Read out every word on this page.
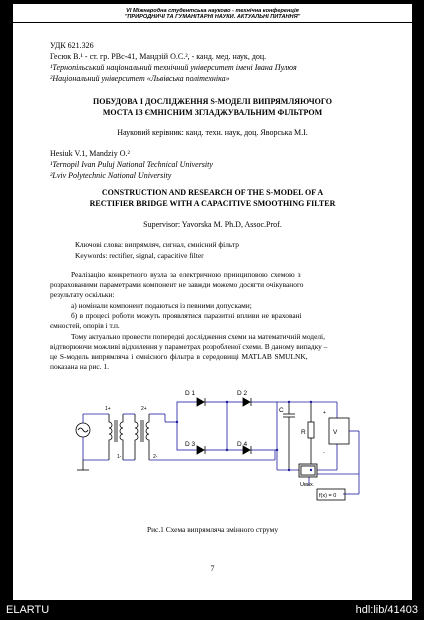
VІ Міжнародна студентська науково - технічна конференція
"ПРИРОДНИЧІ ТА ГУМАНІТАРНІ НАУКИ. АКТУАЛЬНІ ПИТАННЯ"
УДК 621.326
Гесюк В.¹ - ст. гр. РВс-41, Мандзій О.С.², - канд. мед. наук, доц.
¹Тернопільський національний технічний університет імені Івана Пулюя
²Національний університет «Львівська політехніка»
ПОБУДОВА І ДОСЛІДЖЕННЯ S-МОДЕЛІ ВИПРЯМЛЯЮЧОГО
МОСТА ІЗ ЄМНІСНИМ ЗГЛАДЖУВАЛЬНИМ ФІЛЬТРОМ
Науковий керівник: канд. техн. наук, доц. Яворська М.І.
Hesiuk V.1, Mandziy O.²
¹Ternopil Ivan Puluj National Technical University
²Lviv Polytechnic National University
CONSTRUCTION AND RESEARCH OF THE S-MODEL OF A
RECTIFIER BRIDGE WITH A CAPACITIVE SMOOTHING FILTER
Supervisor: Yavorska M. Ph.D, Assoc.Prof.
Ключові слова: випрямляч, сигнал, ємнісний фільтр
Keywords: rectifier, signal, capacitive filter
Реалізацію конкретного вузла за електричною принциповою схемою з
розрахованими параметрами компонент не завжди можемо досягти очікуваного
результату оскільки:
а) номінали компонент подаються із певними допусками;
б) в процесі роботи можуть проявлятися паразитні впливи не враховані
ємностей, опорів і т.п.
Тому актуально провести попередні дослідження схеми на математичній моделі,
відтворюючи можливі відхилення у параметрах розробленої схеми. В даному випадку –
це S-модель випрямляча і ємнісного фільтра в середовищі MATLAB SMULNK,
показана на рис. 1.
D 1	D 2
D 3	D 4
C
R	V
1+
1-
2+
2-
+
-
Uвих.
f(x) = 0
Рис.1 Схема випрямляча змінного струму
7
ELARTU	hdl:lib/41403
